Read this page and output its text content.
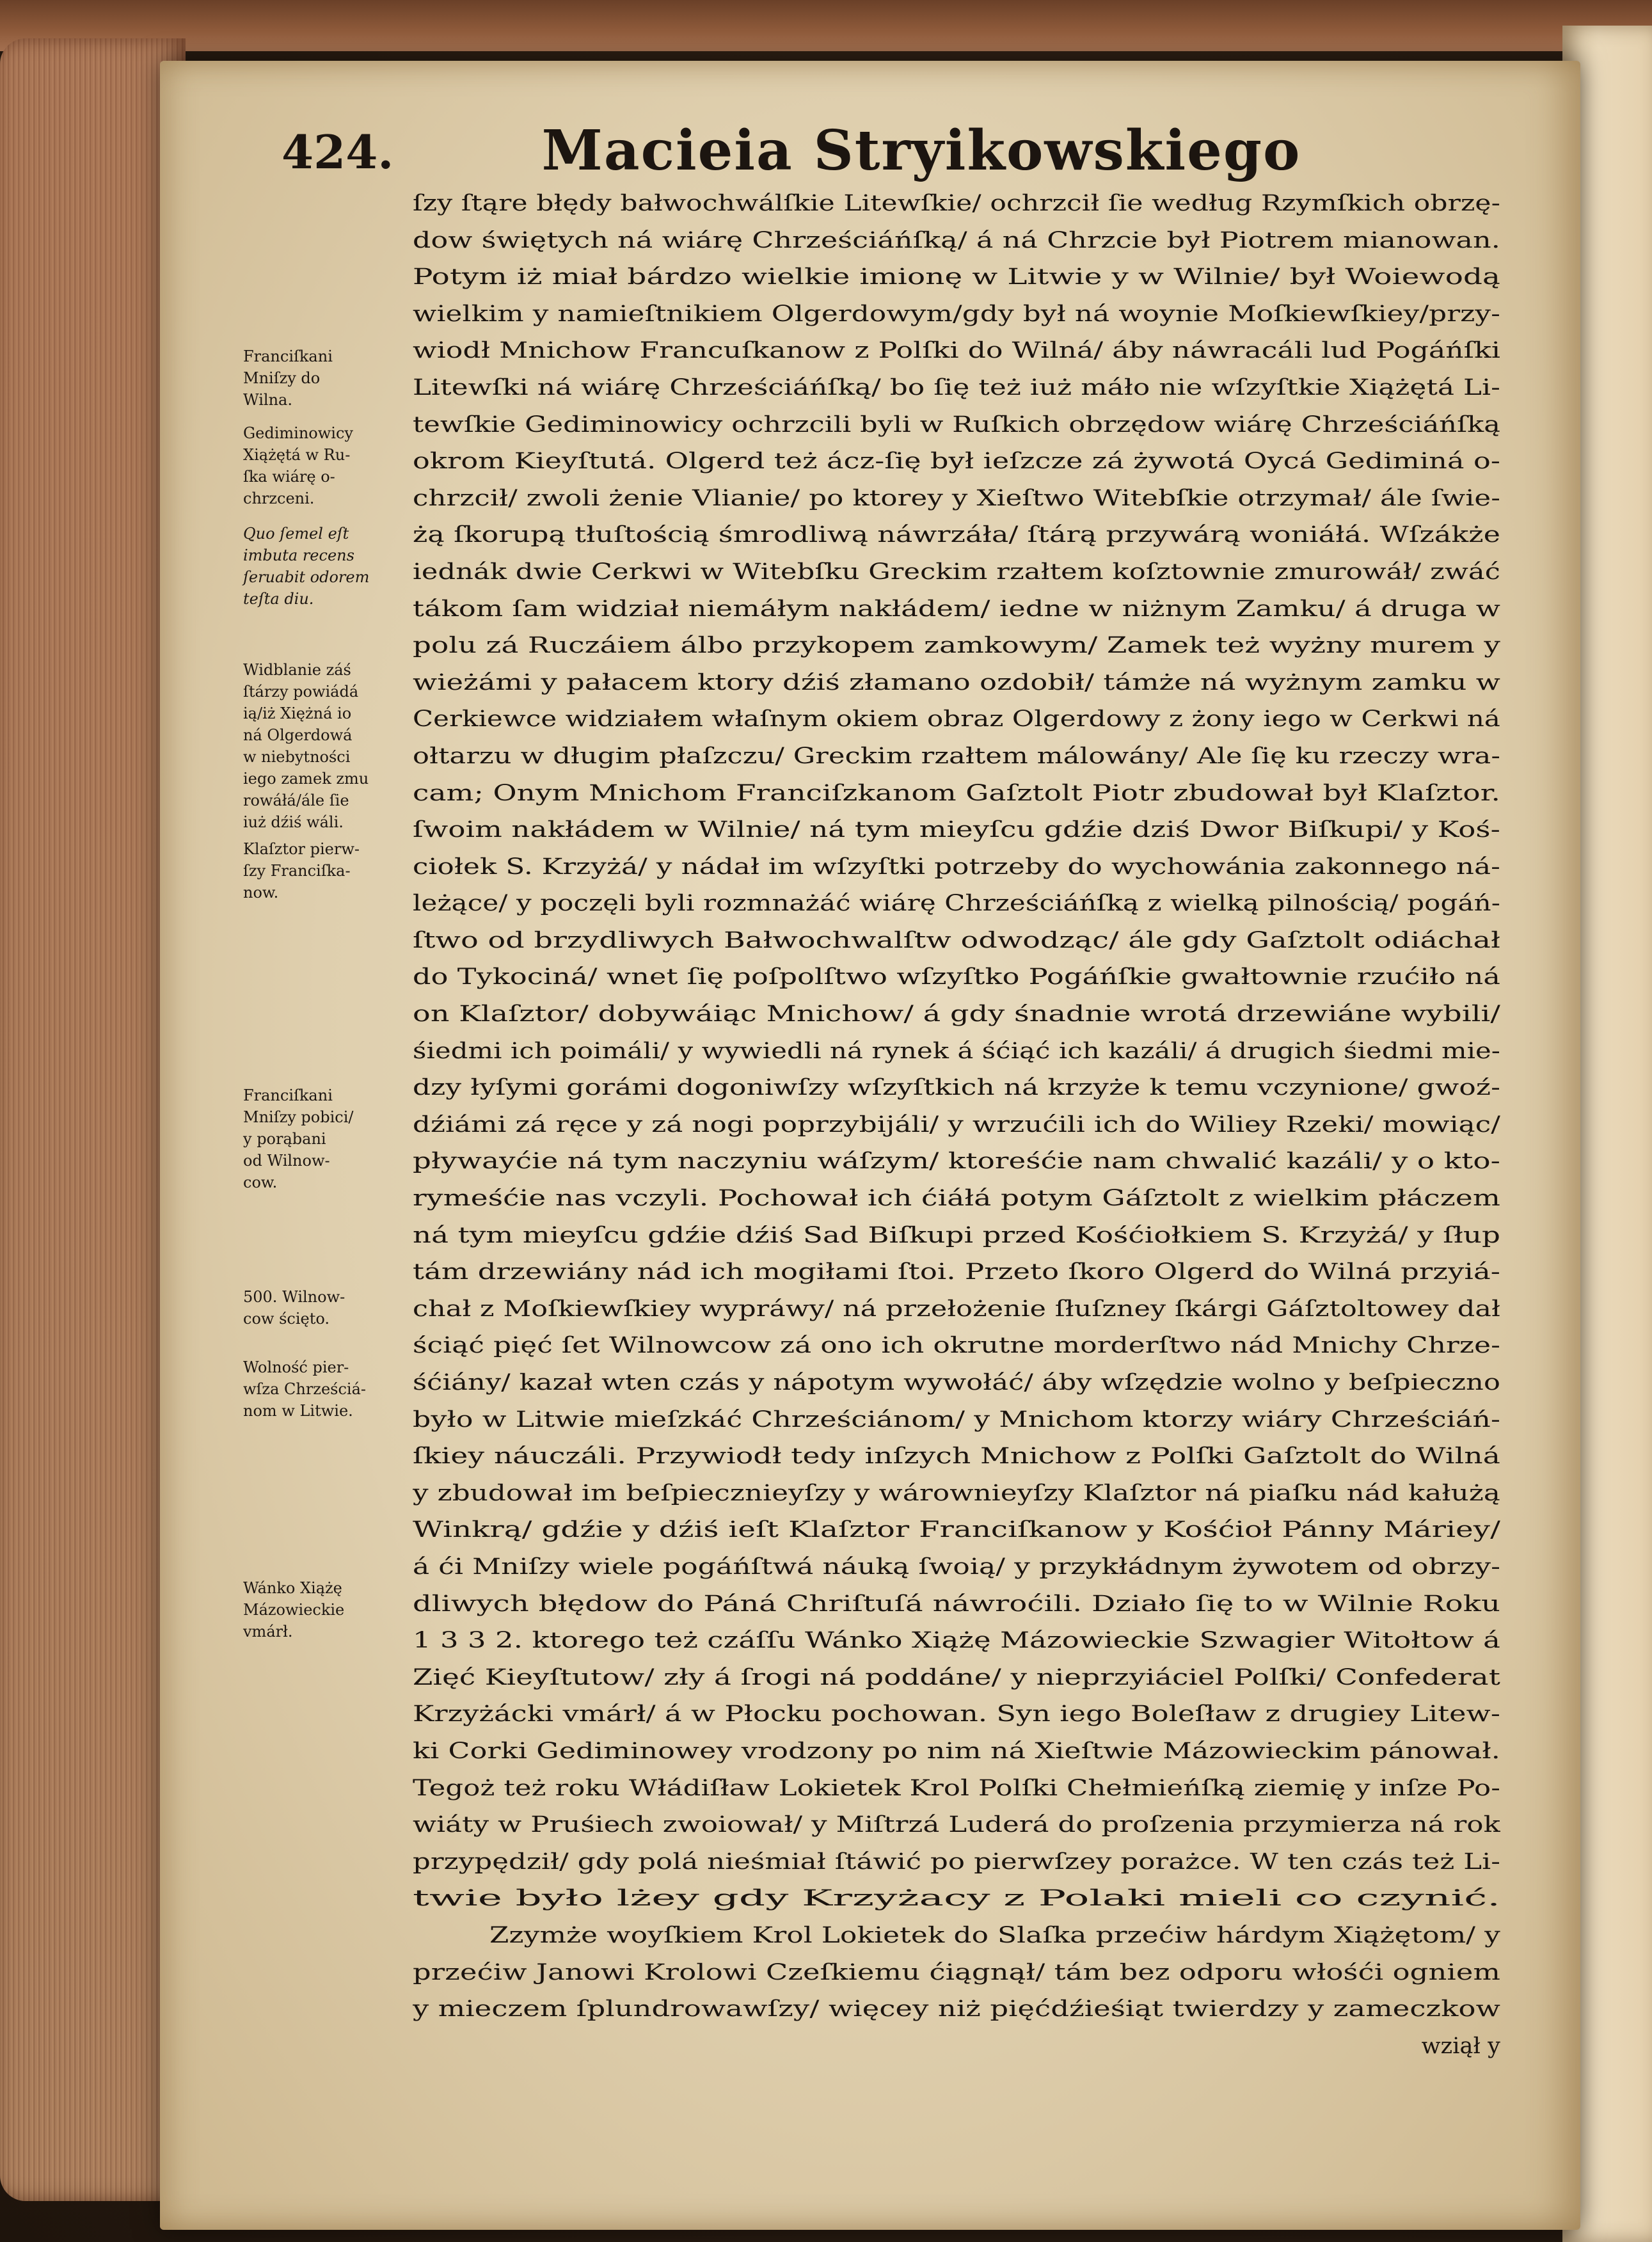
424.	Macieia Stryikowskiego

Franciſkani

Mniſzy do

Wilna.

Gediminowicy

Xiążętá w Ru-

ſka wiárę o-

chrzceni.

Quo ſemel eſt

imbuta recens

ſeruabit odorem

teſta diu.

Widblanie záś

ſtárzy powiádá

ią/iż Xiężná io

ná Olgerdowá

w niebytności

iego zamek zmu

rowáłá/ále ſie

iuż dźiś wáli.

Klaſztor pierw-

ſzy Franciſka-

now.

Franciſkani

Mniſzy pobici/

y porąbani

od Wilnow-

cow.

500. Wilnow-

cow ścięto.

Wolność pier-

wſza Chrześciá-

nom w Litwie.

Wánko Xiążę

Mázowieckie

vmárł.

ſzy ſtąre błędy bałwochwálſkie Litewſkie/ ochrzcił ſie według Rzymſkich obrzę-
dow świętych ná wiárę Chrześciáńſką/ á ná Chrzcie był Piotrem mianowan.
Potym iż miał bárdzo wielkie imionę w Litwie y w Wilnie/ był Woiewodą
wielkim y namieſtnikiem Olgerdowym/gdy był ná woynie Moſkiewſkiey/przy-
wiodł Mnichow Francuſkanow z Polſki do Wilná/ áby náwracáli lud Pogáńſki
Litewſki ná wiárę Chrześciáńſką/ bo ſię też iuż máło nie wſzyſtkie Xiążętá Li-
tewſkie Gediminowicy ochrzcili byli w Ruſkich obrzędow wiárę Chrześciáńſką
okrom Kieyſtutá. Olgerd też ácz-ſię był ieſzcze zá żywotá Oycá Gediminá o-
chrzcił/ zwoli żenie Vlianie/ po ktorey y Xieſtwo Witebſkie otrzymał/ ále ſwie-
żą ſkorupą tłuſtością śmrodliwą náwrzáła/ ſtárą przywárą woniáłá. Wſzákże
iednák dwie Cerkwi w Witebſku Greckim rzałtem koſztownie zmurowáł/ zwáć
tákom ſam widział niemáłym nakłádem/ iedne w niżnym Zamku/ á druga w
polu zá Ruczáiem álbo przykopem zamkowym/ Zamek też wyżny murem y
wieżámi y pałacem ktory dźiś złamano ozdobił/ támże ná wyżnym zamku w
Cerkiewce widziałem właſnym okiem obraz Olgerdowy z żony iego w Cerkwi ná
ołtarzu w długim płaſzczu/ Greckim rzałtem málowány/ Ale ſię ku rzeczy wra-
cam; Onym Mnichom Franciſzkanom Gaſztolt Piotr zbudował był Klaſztor.
ſwoim nakłádem w Wilnie/ ná tym mieyſcu gdźie dziś Dwor Biſkupi/ y Koś-
ciołek S. Krzyżá/ y nádał im wſzyſtki potrzeby do wychowánia zakonnego ná-
leżące/ y poczęli byli rozmnażáć wiárę Chrześciáńſką z wielką pilnością/ pogáń-
ſtwo od brzydliwych Bałwochwalſtw odwodząc/ ále gdy Gaſztolt odiáchał
do Tykociná/ wnet ſię poſpolſtwo wſzyſtko Pogáńſkie gwałtownie rzućiło ná
on Klaſztor/ dobywáiąc Mnichow/ á gdy śnadnie wrotá drzewiáne wybili/
śiedmi ich poimáli/ y wywiedli ná rynek á śćiąć ich kazáli/ á drugich śiedmi mie-
dzy łyſymi gorámi dogoniwſzy wſzyſtkich ná krzyże k temu vczynione/ gwoź-
dźiámi zá ręce y zá nogi poprzybijáli/ y wrzućili ich do Wiliey Rzeki/ mowiąc/
pływayćie ná tym naczyniu wáſzym/ ktoreśćie nam chwalić kazáli/ y o kto-
rymeśćie nas vczyli. Pochował ich ćiáłá potym Gáſztolt z wielkim płáczem
ná tym mieyſcu gdźie dźiś Sad Biſkupi przed Kośćiołkiem S. Krzyżá/ y ſłup
tám drzewiány nád ich mogiłami ſtoi. Przeto ſkoro Olgerd do Wilná przyiá-
chał z Moſkiewſkiey wypráwy/ ná przełożenie ſłuſzney ſkárgi Gáſztoltowey dał
ściąć pięć ſet Wilnowcow zá ono ich okrutne morderſtwo nád Mnichy Chrze-
śćiány/ kazał wten czás y nápotym wywołáć/ áby wſzędzie wolno y beſpieczno
było w Litwie mieſzkáć Chrześciánom/ y Mnichom ktorzy wiáry Chrześciáń-
ſkiey náuczáli. Przywiodł tedy inſzych Mnichow z Polſki Gaſztolt do Wilná
y zbudował im beſpiecznieyſzy y wárownieyſzy Klaſztor ná piaſku nád kałużą
Winkrą/ gdźie y dźiś ieſt Klaſztor Franciſkanow y Kośćioł Pánny Máriey/
á ći Mniſzy wiele pogáńſtwá náuką ſwoią/ y przykłádnym żywotem od obrzy-
dliwych błędow do Páná Chriſtuſá náwroćili. Działo ſię to w Wilnie Roku
1 3 3 2. ktorego też czáſſu Wánko Xiążę Mázowieckie Szwagier Witołtow á
Zięć Kieyſtutow/ zły á ſrogi ná poddáne/ y nieprzyiáciel Polſki/ Confederat
Krzyżácki vmárł/ á w Płocku pochowan. Syn iego Boleſław z drugiey Litew-
ki Corki Gediminowey vrodzony po nim ná Xieſtwie Mázowieckim pánował.
Tegoż też roku Włádiſław Lokietek Krol Polſki Chełmieńſką ziemię y inſze Po-
wiáty w Pruśiech zwoiował/ y Miſtrzá Luderá do proſzenia przymierza ná rok
przypędził/ gdy polá nieśmiał ſtáwić po pierwſzey porażce. W ten czás też Li-
twie było lżey gdy Krzyżacy z Polaki mieli co czynić.
Zzymże woyſkiem Krol Lokietek do Slaſka przećiw hárdym Xiążętom/ y
przećiw Janowi Krolowi Czeſkiemu ćiągnął/ tám bez odporu włośći ogniem
y mieczem ſplundrowawſzy/ więcey niż pięćdźieśiąt twierdzy y zameczkow
wziął y
